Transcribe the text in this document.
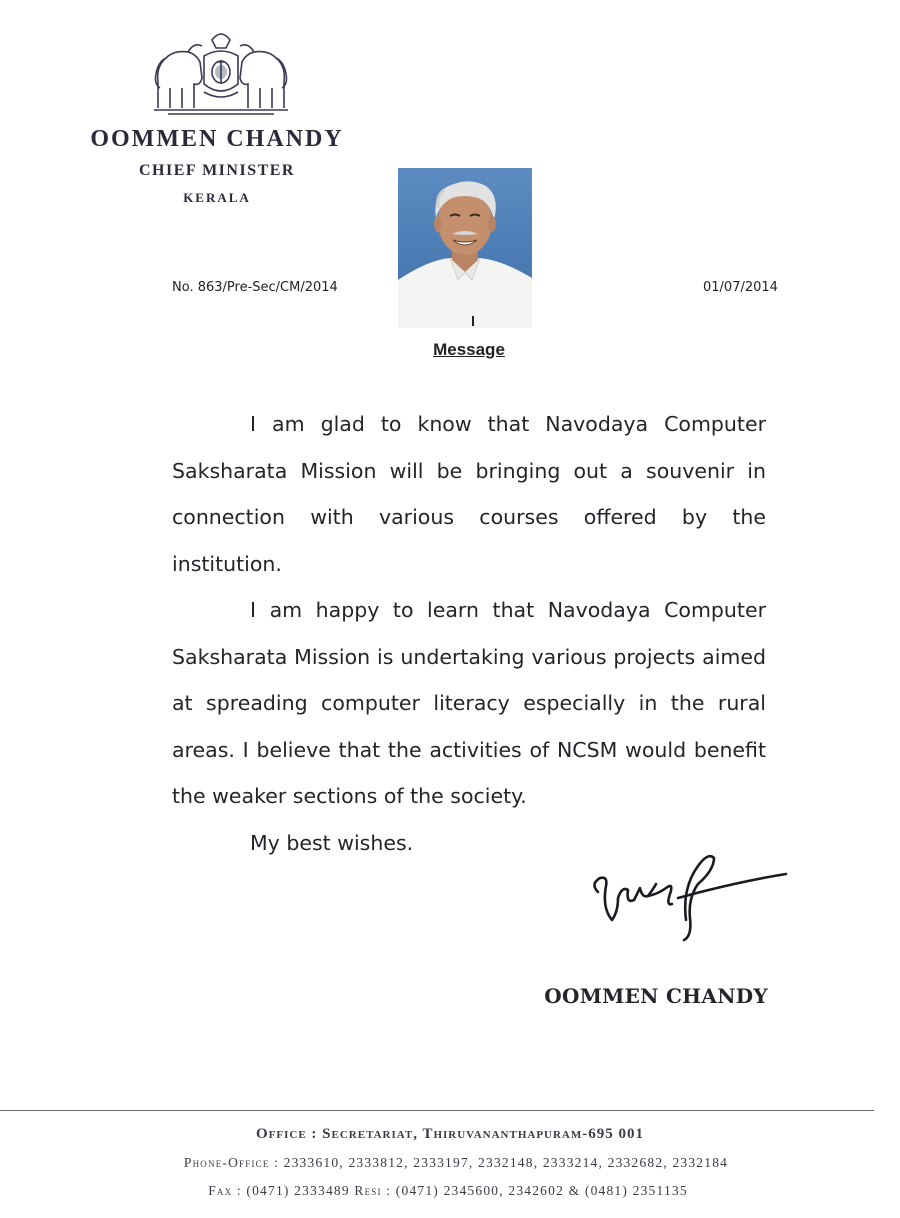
OOMMEN CHANDY
CHIEF MINISTER
KERALA
No. 863/Pre-Sec/CM/2014	01/07/2014
Message

I am glad to know that Navodaya Computer Saksharata Mission will be bringing out a souvenir in connection with various courses offered by the institution.

I am happy to learn that Navodaya Computer Saksharata Mission is undertaking various projects aimed at spreading computer literacy especially in the rural areas. I believe that the activities of NCSM would benefit the weaker sections of the society.

My best wishes.

OOMMEN CHANDY
Office : Secretariat, Thiruvananthapuram-695 001
Phone-Office : 2333610, 2333812, 2333197, 2332148, 2333214, 2332682, 2332184
Fax : (0471) 2333489 Resi : (0471) 2345600, 2342602 & (0481) 2351135
